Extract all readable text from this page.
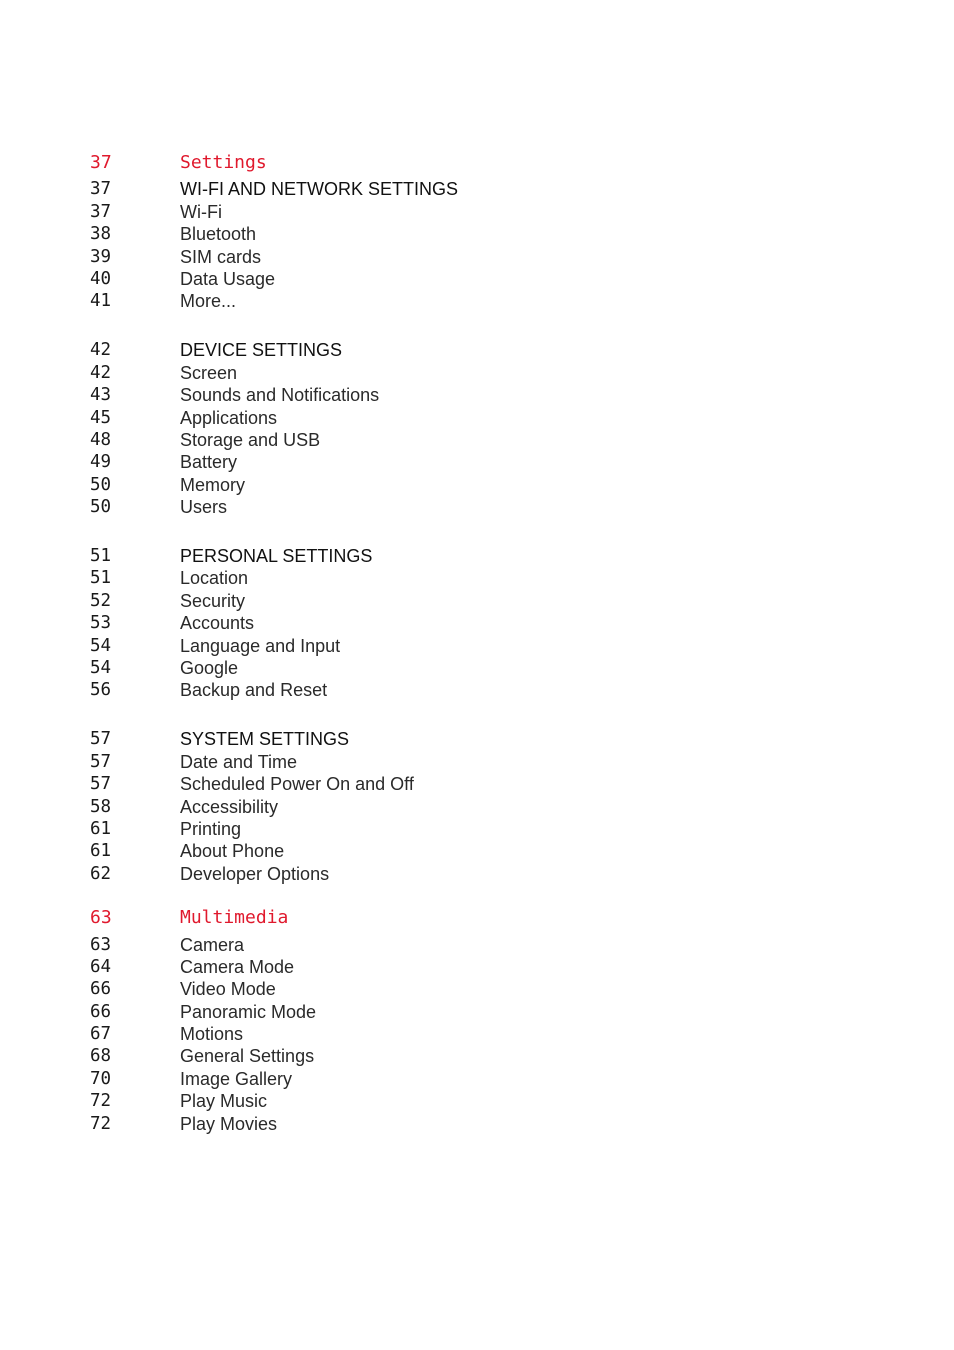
37	Settings
37	WI-FI AND NETWORK SETTINGS
37	Wi-Fi
38	Bluetooth
39	SIM cards
40	Data Usage
41	More...
42	DEVICE SETTINGS
42	Screen
43	Sounds and Notifications
45	Applications
48	Storage and USB
49	Battery
50	Memory
50	Users
51	PERSONAL SETTINGS
51	Location
52	Security
53	Accounts
54	Language and Input
54	Google
56	Backup and Reset
57	SYSTEM SETTINGS
57	Date and Time
57	Scheduled Power On and Off
58	Accessibility
61	Printing
61	About Phone
62	Developer Options
63	Multimedia
63	Camera
64	Camera Mode
66	Video Mode
66	Panoramic Mode
67	Motions
68	General Settings
70	Image Gallery
72	Play Music
72	Play Movies
